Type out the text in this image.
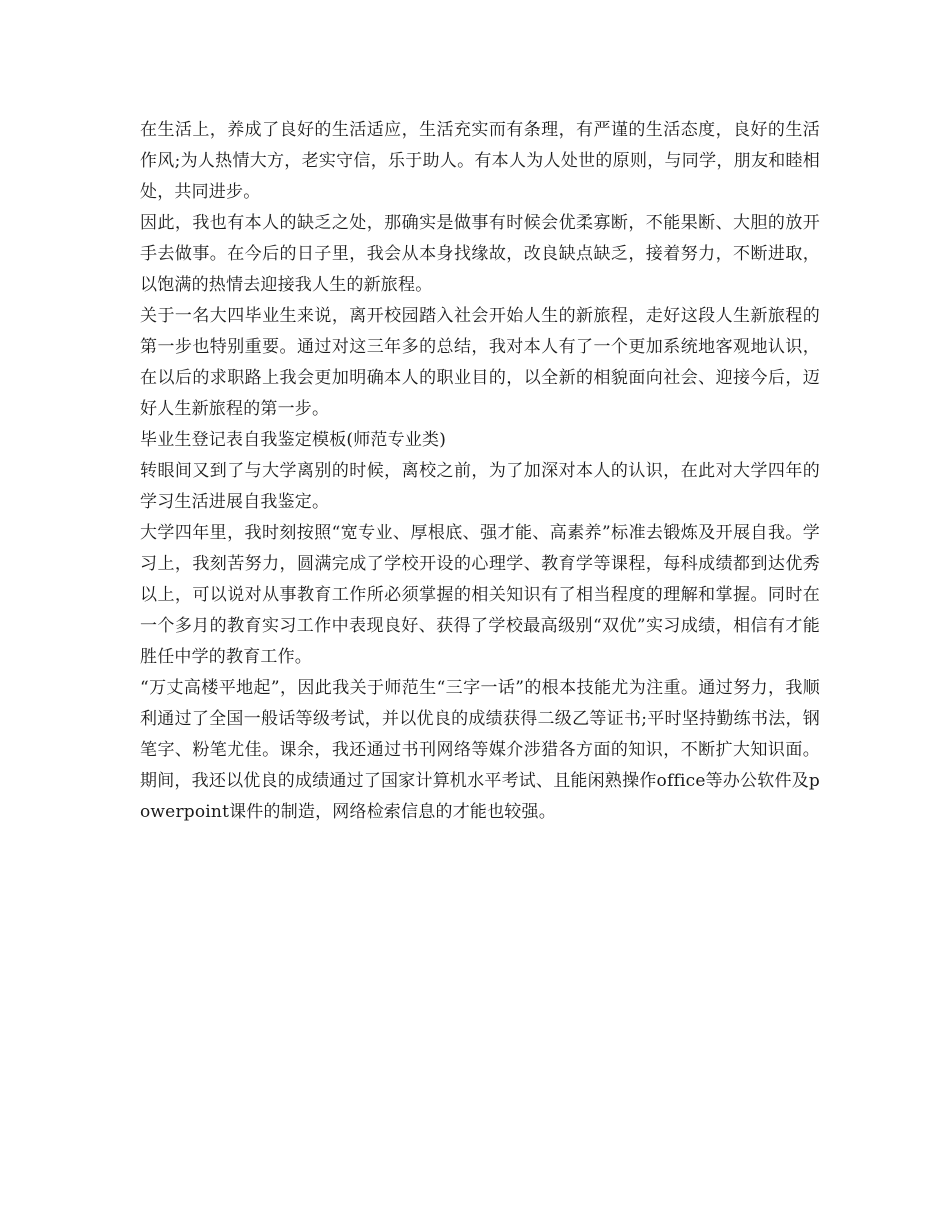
在生活上，养成了良好的生活适应，生活充实而有条理，有严谨的生活态度，良好的生活作风;为人热情大方，老实守信，乐于助人。有本人为人处世的原则，与同学，朋友和睦相处，共同进步。

因此，我也有本人的缺乏之处，那确实是做事有时候会优柔寡断，不能果断、大胆的放开手去做事。在今后的日子里，我会从本身找缘故，改良缺点缺乏，接着努力，不断进取，以饱满的热情去迎接我人生的新旅程。

关于一名大四毕业生来说，离开校园踏入社会开始人生的新旅程，走好这段人生新旅程的第一步也特别重要。通过对这三年多的总结，我对本人有了一个更加系统地客观地认识，在以后的求职路上我会更加明确本人的职业目的，以全新的相貌面向社会、迎接今后，迈好人生新旅程的第一步。

毕业生登记表自我鉴定模板(师范专业类)

转眼间又到了与大学离别的时候，离校之前，为了加深对本人的认识，在此对大学四年的学习生活进展自我鉴定。

大学四年里，我时刻按照“宽专业、厚根底、强才能、高素养”标准去锻炼及开展自我。学习上，我刻苦努力，圆满完成了学校开设的心理学、教育学等课程，每科成绩都到达优秀以上，可以说对从事教育工作所必须掌握的相关知识有了相当程度的理解和掌握。同时在一个多月的教育实习工作中表现良好、获得了学校最高级别“双优”实习成绩，相信有才能胜任中学的教育工作。

“万丈高楼平地起”，因此我关于师范生“三字一话”的根本技能尤为注重。通过努力，我顺利通过了全国一般话等级考试，并以优良的成绩获得二级乙等证书;平时坚持勤练书法，钢笔字、粉笔尤佳。课余，我还通过书刊网络等媒介涉猎各方面的知识，不断扩大知识面。期间，我还以优良的成绩通过了国家计算机水平考试、且能闲熟操作office等办公软件及powerpoint课件的制造，网络检索信息的才能也较强。
